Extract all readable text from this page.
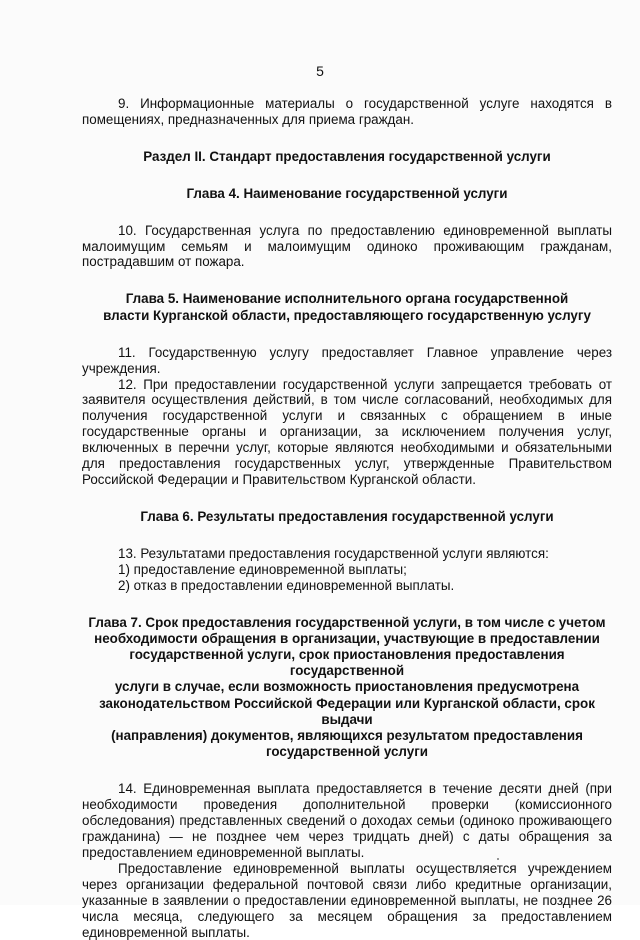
5

9. Информационные материалы о государственной услуге находятся в помещениях, предназначенных для приема граждан.

Раздел II. Стандарт предоставления государственной услуги

Глава 4. Наименование государственной услуги

10. Государственная услуга по предоставлению единовременной выплаты малоимущим семьям и малоимущим одиноко проживающим гражданам, пострадавшим от пожара.

Глава 5. Наименование исполнительного органа государственной
власти Курганской области, предоставляющего государственную услугу

11. Государственную услугу предоставляет Главное управление через учреждения.

12. При предоставлении государственной услуги запрещается требовать от заявителя осуществления действий, в том числе согласований, необходимых для получения государственной услуги и связанных с обращением в иные государственные органы и организации, за исключением получения услуг, включенных в перечни услуг, которые являются необходимыми и обязательными для предоставления государственных услуг, утвержденные Правительством Российской Федерации и Правительством Курганской области.

Глава 6. Результаты предоставления государственной услуги

13. Результатами предоставления государственной услуги являются:

1) предоставление единовременной выплаты;

2) отказ в предоставлении единовременной выплаты.

Глава 7. Срок предоставления государственной услуги, в том числе с учетом
необходимости обращения в организации, участвующие в предоставлении
государственной услуги, срок приостановления предоставления государственной
услуги в случае, если возможность приостановления предусмотрена
законодательством Российской Федерации или Курганской области, срок выдачи
(направления) документов, являющихся результатом предоставления
государственной услуги

14. Единовременная выплата предоставляется в течение десяти дней (при необходимости проведения дополнительной проверки (комиссионного обследования) представленных сведений о доходах семьи (одиноко проживающего гражданина) — не позднее чем через тридцать дней) с даты обращения за предоставлением единовременной выплаты.

Предоставление единовременной выплаты осуществляется учреждением через организации федеральной почтовой связи либо кредитные организации, указанные в заявлении о предоставлении единовременной выплаты, не позднее 26 числа месяца, следующего за месяцем обращения за предоставлением единовременной выплаты.
